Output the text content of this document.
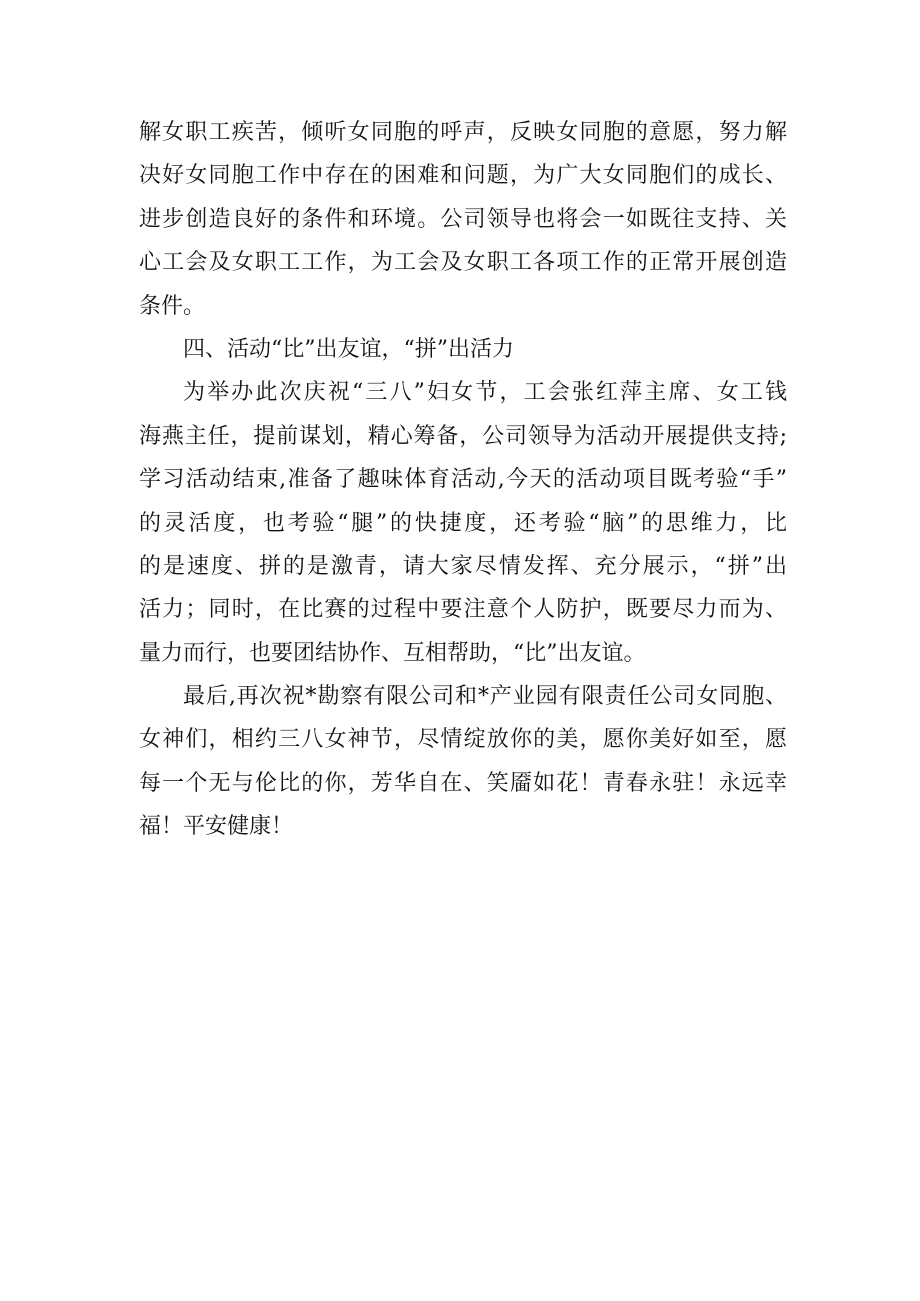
解女职工疾苦，倾听女同胞的呼声，反映女同胞的意愿，努力解
决好女同胞工作中存在的困难和问题，为广大女同胞们的成长、
进步创造良好的条件和环境。公司领导也将会一如既往支持、关
心工会及女职工工作，为工会及女职工各项工作的正常开展创造
条件。
四、活动“比”出友谊，“拼”出活力
为举办此次庆祝“三八”妇女节，工会张红萍主席、女工钱
海燕主任，提前谋划，精心筹备，公司领导为活动开展提供支持;
学习活动结束,准备了趣味体育活动,今天的活动项目既考验“手”
的灵活度，也考验“腿”的快捷度，还考验“脑”的思维力，比
的是速度、拼的是激青，请大家尽情发挥、充分展示，“拼”出
活力；同时，在比赛的过程中要注意个人防护，既要尽力而为、
量力而行，也要团结协作、互相帮助，“比”出友谊。
最后,再次祝*勘察有限公司和*产业园有限责任公司女同胞、
女神们，相约三八女神节，尽情绽放你的美，愿你美好如至，愿
每一个无与伦比的你，芳华自在、笑靥如花！青春永驻！永远幸
福！平安健康！
